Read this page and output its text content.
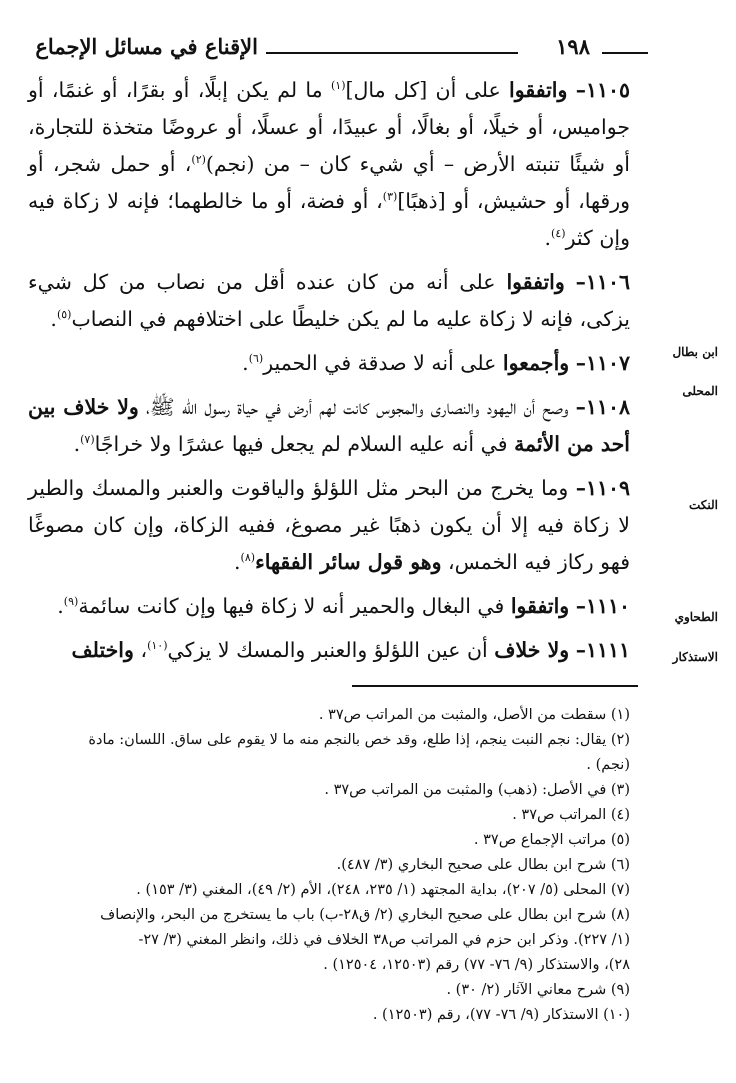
١٩٨
الإقناع في مسائل الإجماع
ابن بطال
المحلى
النكت
الطحاوي
الاستذكار

١١٠٥– واتفقوا على أن [كل مال]$^{(١)}$ ما لم يكن إبلًا، أو بقرًا، أو غنمًا، أو جواميس، أو خيلًا، أو بغالًا، أو عبيدًا، أو عسلًا، أو عروضًا متخذة للتجارة، أو شيئًا تنبته الأرض – أي شيء كان – من (نجم)$^{(٢)}$، أو حمل شجر، أو ورقها، أو حشيش، أو [ذهبًا]$^{(٣)}$، أو فضة، أو ما خالطهما؛ فإنه لا زكاة فيه وإن كثر$^{(٤)}$.

١١٠٦– واتفقوا على أنه من كان عنده أقل من نصاب من كل شيء يزكى، فإنه لا زكاة عليه ما لم يكن خليطًا على اختلافهم في النصاب$^{(٥)}$.

١١٠٧– وأجمعوا على أنه لا صدقة في الحمير$^{(٦)}$.

١١٠٨– وصح أن اليهود والنصارى والمجوس كانت لهم أرض في حياة رسول الله ﷺ، ولا خلاف بين أحد من الأئمة في أنه عليه السلام لم يجعل فيها عشرًا ولا خراجًا$^{(٧)}$.

١١٠٩– وما يخرج من البحر مثل اللؤلؤ والياقوت والعنبر والمسك والطير لا زكاة فيه إلا أن يكون ذهبًا غير مصوغ، ففيه الزكاة، وإن كان مصوغًا فهو ركاز فيه الخمس، وهو قول سائر الفقهاء$^{(٨)}$.

١١١٠– واتفقوا في البغال والحمير أنه لا زكاة فيها وإن كانت سائمة$^{(٩)}$.

١١١١– ولا خلاف أن عين اللؤلؤ والعنبر والمسك لا يزكي$^{(١٠)}$، واختلف

(١) سقطت من الأصل، والمثبت من المراتب ص٣٧ .

(٢) يقال: نجم النبت ينجم، إذا طلع، وقد خص بالنجم منه ما لا يقوم على ساق. اللسان: مادة

(نجم) .

(٣) في الأصل: (ذهب) والمثبت من المراتب ص٣٧ .

(٤) المراتب ص٣٧ .

(٥) مراتب الإجماع ص٣٧ .

(٦) شرح ابن بطال على صحيح البخاري (٣/ ٤٨٧).

(٧) المحلى (٥/ ٢٠٧)، بداية المجتهد (١/ ٢٣٥، ٢٤٨)، الأم (٢/ ٤٩)، المغني (٣/ ١٥٣) .

(٨) شرح ابن بطال على صحيح البخاري (٢/ ق٢٨-ب) باب ما يستخرج من البحر، والإنصاف

(١/ ٢٢٧). وذكر ابن حزم في المراتب ص٣٨ الخلاف في ذلك، وانظر المغني (٣/ ٢٧-

٢٨)، والاستذكار (٩/ ٧٦- ٧٧) رقم (١٢٥٠٣، ١٢٥٠٤) .

(٩) شرح معاني الآثار (٢/ ٣٠) .

(١٠) الاستذكار (٩/ ٧٦- ٧٧)، رقم (١٢٥٠٣) .
